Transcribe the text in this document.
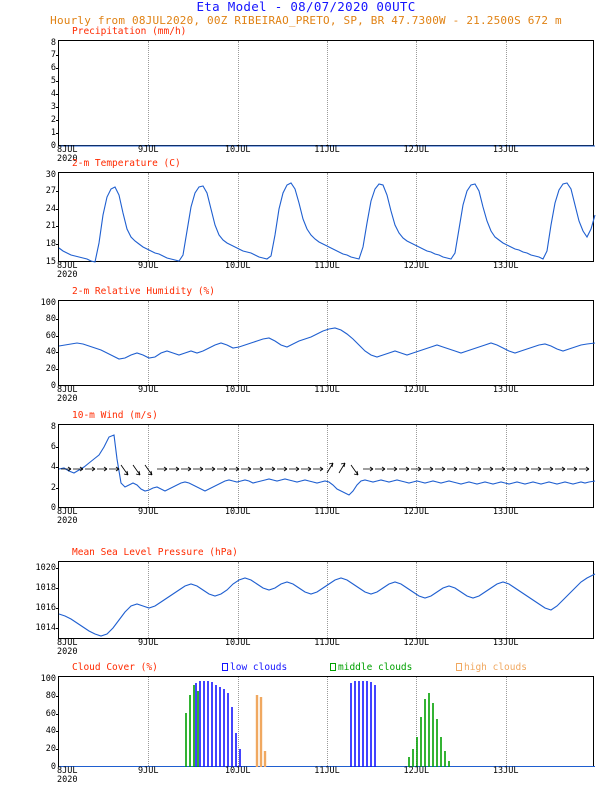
Eta Model - 08/07/2020 00UTC
Hourly from 08JUL2020, 00Z RIBEIRAO_PRETO, SP, BR 47.7300W - 21.2500S 672 m
Precipitation (mm/h)
0
1
2
3
4
5
6
7
8
8JUL	9JUL	10JUL	11JUL	12JUL	13JUL
2020
2-m Temperature (C)
15
18
21
24
27
30
8JUL	9JUL	10JUL	11JUL	12JUL	13JUL
2020
2-m Relative Humidity (%)
0
20
40
60
80
100
8JUL	9JUL	10JUL	11JUL	12JUL	13JUL
2020
10-m Wind (m/s)
0
2
4
6
8
8JUL	9JUL	10JUL	11JUL	12JUL	13JUL
2020
Mean Sea Level Pressure (hPa)
1014
1016
1018
1020
8JUL	9JUL	10JUL	11JUL	12JUL	13JUL
2020
Cloud Cover (%)	low clouds	middle clouds	high clouds
0
20
40
60
80
100
8JUL	9JUL	10JUL	11JUL	12JUL	13JUL
2020
